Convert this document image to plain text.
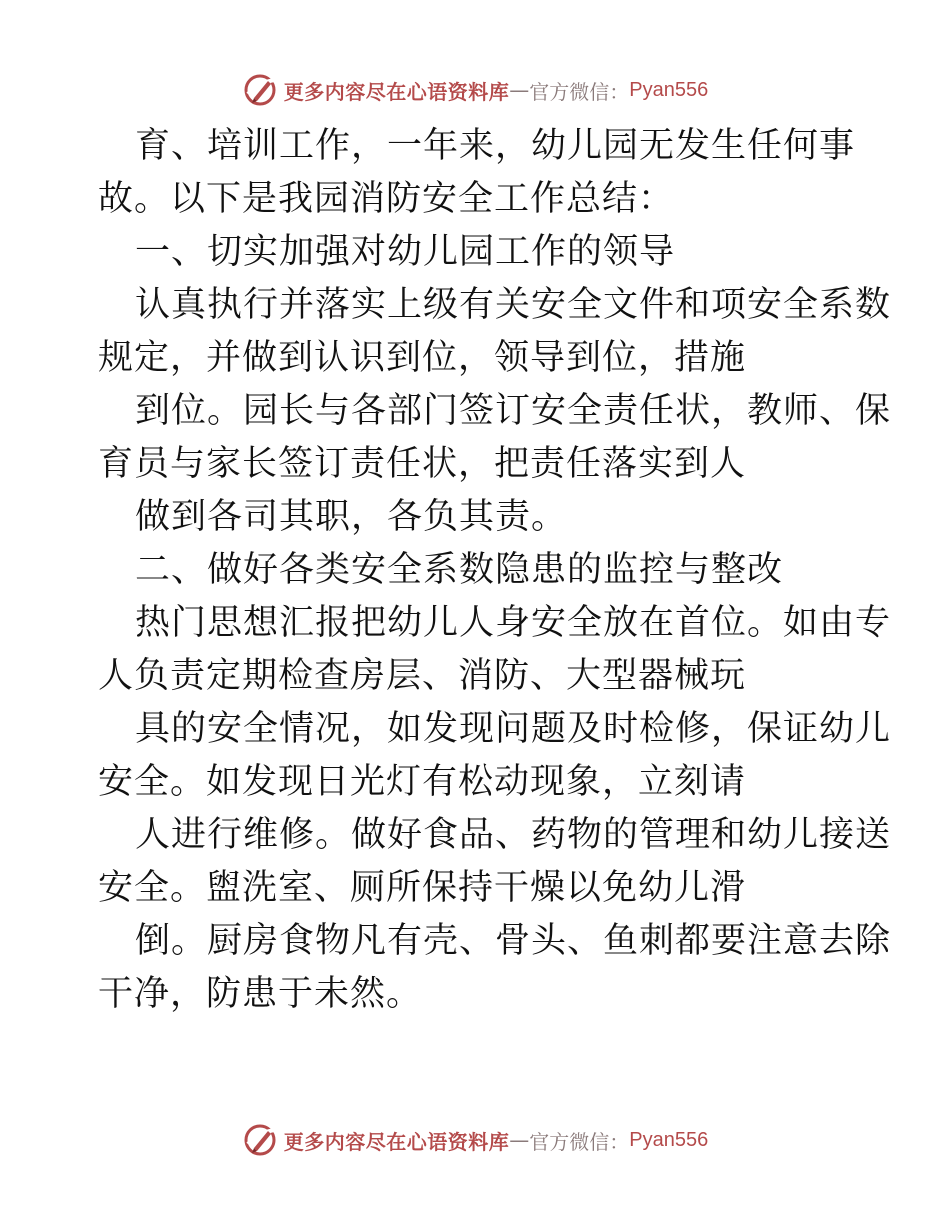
更多内容尽在心语资料库 — 官方微信： Pyan556
育、培训工作，一年来，幼儿园无发生任何事
故。以下是我园消防安全工作总结：
一、切实加强对幼儿园工作的领导
认真执行并落实上级有关安全文件和项安全系数
规定，并做到认识到位，领导到位，措施
到位。园长与各部门签订安全责任状，教师、保
育员与家长签订责任状，把责任落实到人
做到各司其职，各负其责。
二、做好各类安全系数隐患的监控与整改
热门思想汇报把幼儿人身安全放在首位。如由专
人负责定期检查房层、消防、大型器械玩
具的安全情况，如发现问题及时检修，保证幼儿
安全。如发现日光灯有松动现象，立刻请
人进行维修。做好食品、药物的管理和幼儿接送
安全。盥洗室、厕所保持干燥以免幼儿滑
倒。厨房食物凡有壳、骨头、鱼刺都要注意去除
干净，防患于未然。
更多内容尽在心语资料库 — 官方微信： Pyan556
